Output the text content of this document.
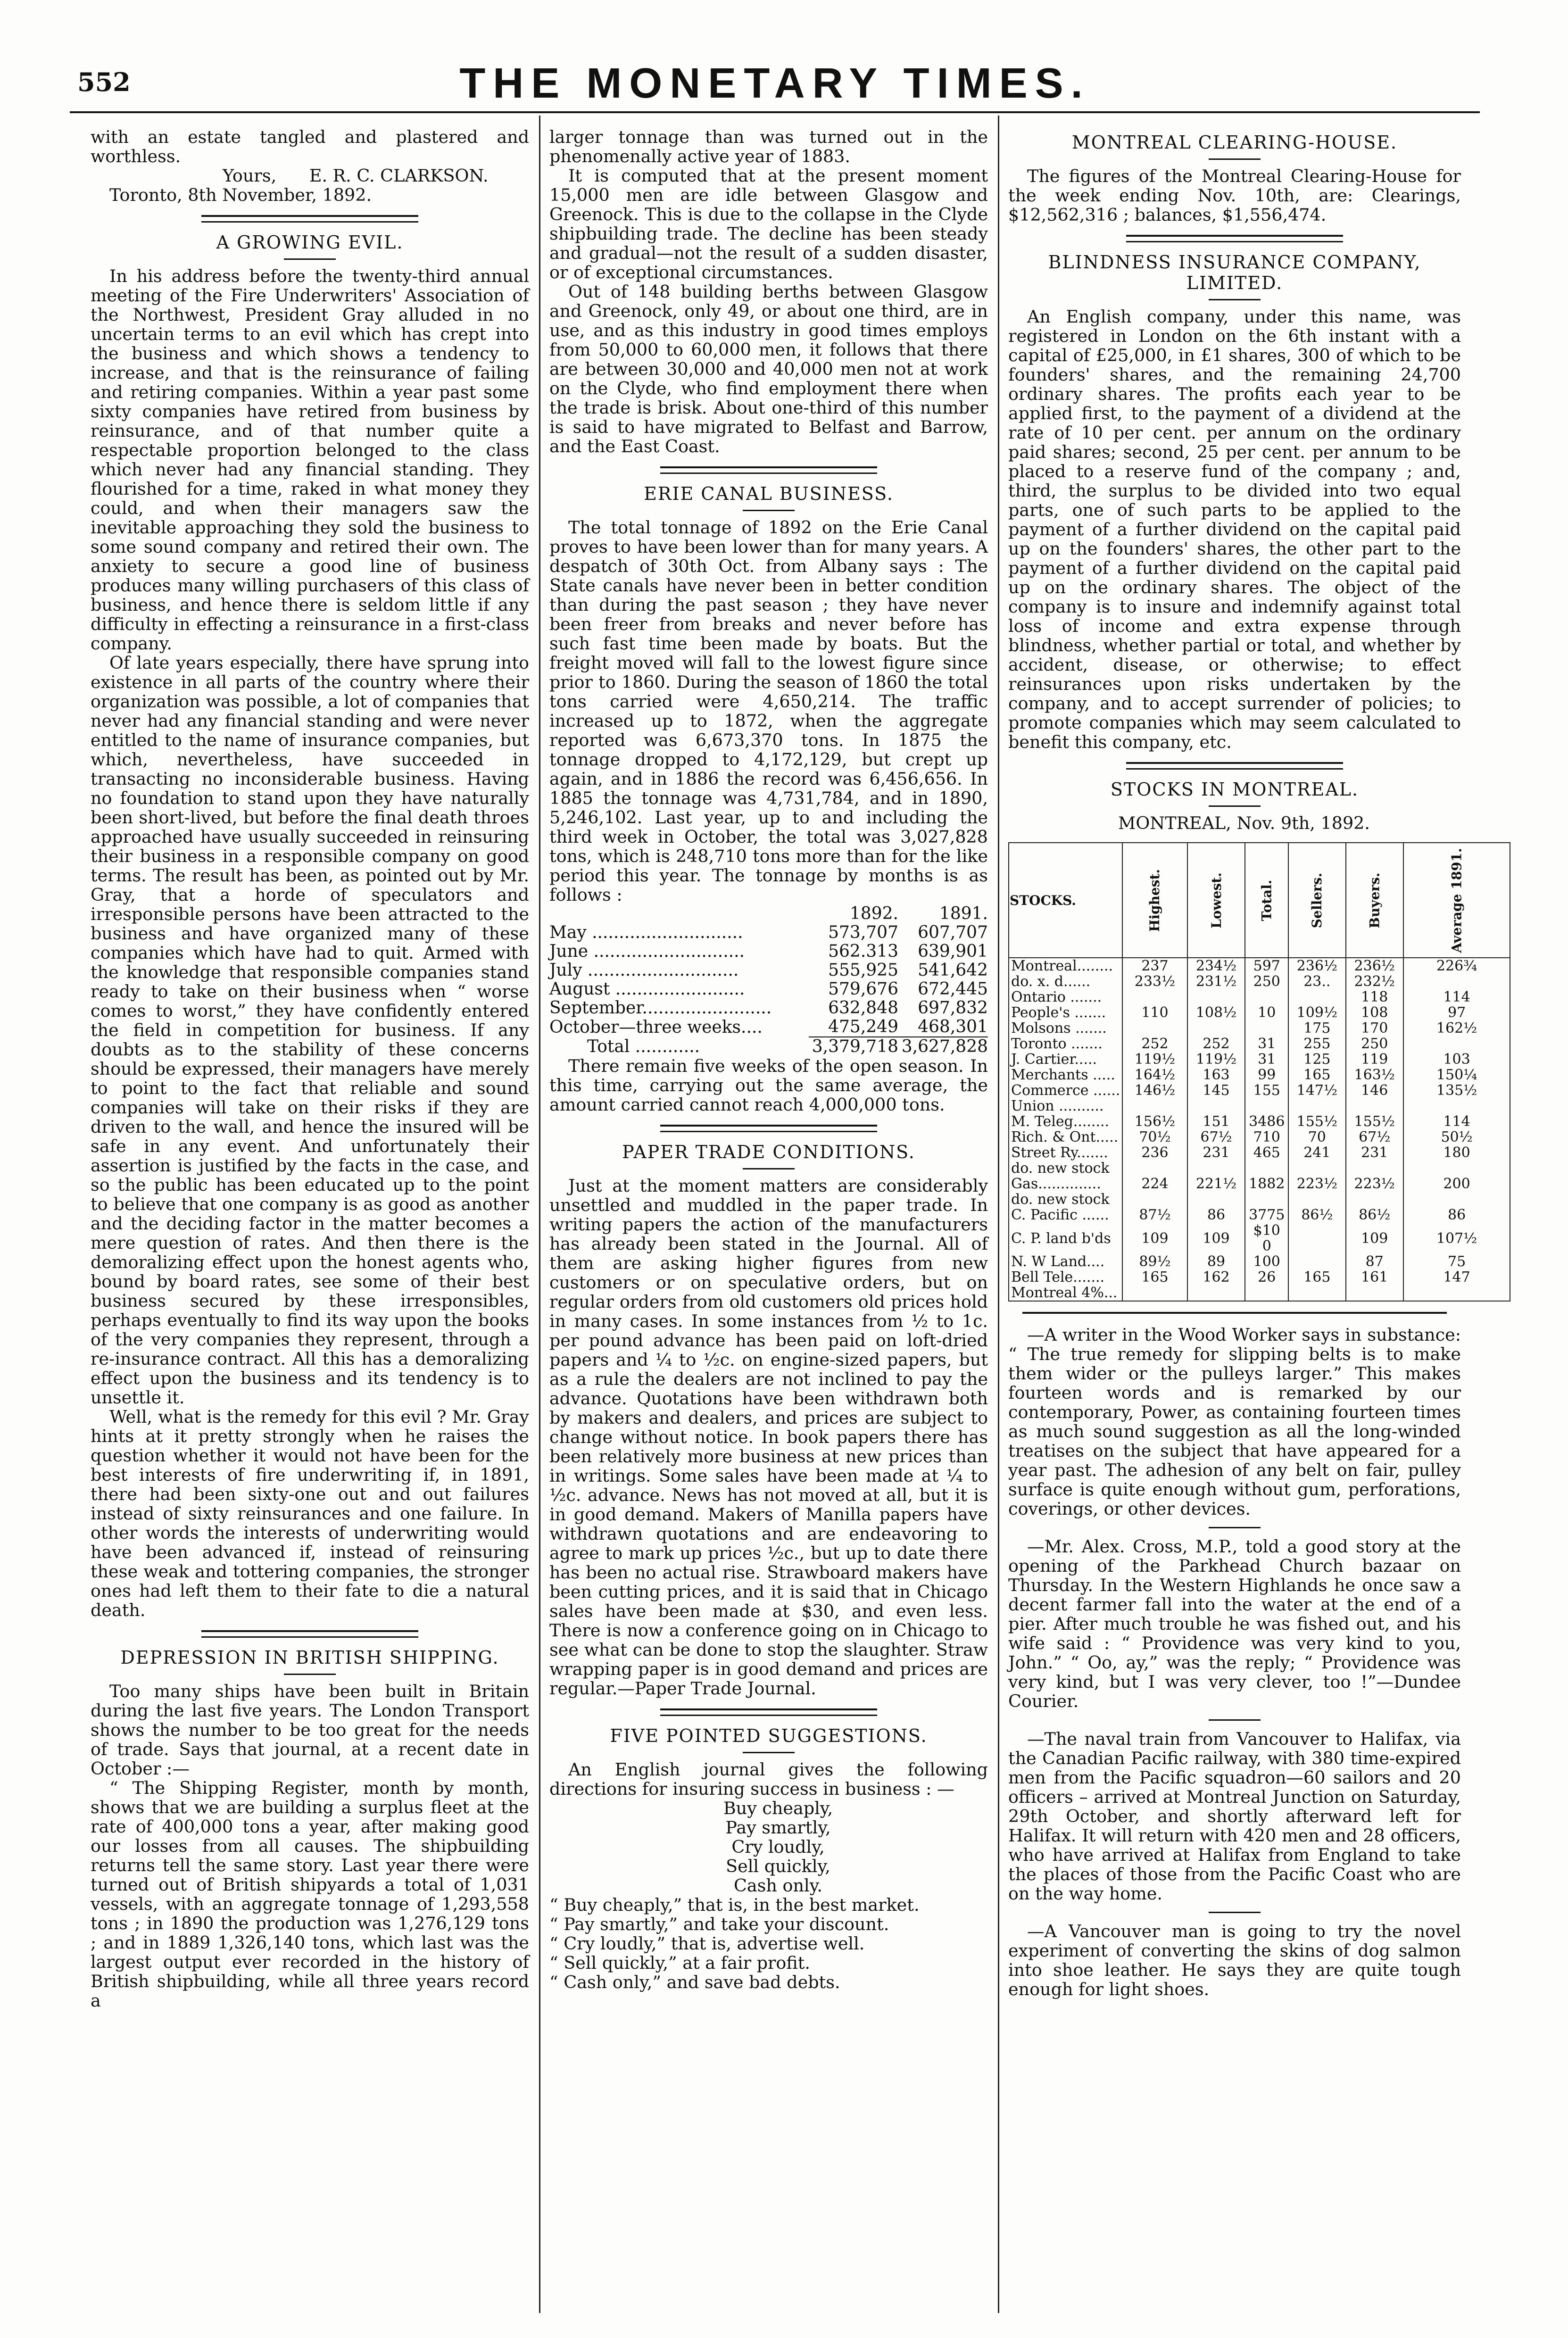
552	THE MONETARY TIMES.

with an estate tangled and plastered and worthless.

Yours, E. R. C. CLARKSON.

Toronto, 8th November, 1892.

A GROWING EVIL.

In his address before the twenty-third annual meeting of the Fire Underwriters' Association of the Northwest, President Gray alluded in no uncertain terms to an evil which has crept into the business and which shows a tendency to increase, and that is the reinsurance of failing and retiring companies. Within a year past some sixty companies have retired from business by reinsurance, and of that number quite a respectable proportion belonged to the class which never had any financial standing. They flourished for a time, raked in what money they could, and when their managers saw the inevitable approaching they sold the business to some sound company and retired their own. The anxiety to secure a good line of business produces many willing purchasers of this class of business, and hence there is seldom little if any difficulty in effecting a reinsurance in a first-class company.

Of late years especially, there have sprung into existence in all parts of the country where their organization was possible, a lot of companies that never had any financial standing and were never entitled to the name of insurance companies, but which, nevertheless, have succeeded in transacting no inconsiderable business. Having no foundation to stand upon they have naturally been short-lived, but before the final death throes approached have usually succeeded in reinsuring their business in a responsible company on good terms. The result has been, as pointed out by Mr. Gray, that a horde of speculators and irresponsible persons have been attracted to the business and have organized many of these companies which have had to quit. Armed with the knowledge that responsible companies stand ready to take on their business when “ worse comes to worst,” they have confidently entered the field in competition for business. If any doubts as to the stability of these concerns should be expressed, their managers have merely to point to the fact that reliable and sound companies will take on their risks if they are driven to the wall, and hence the insured will be safe in any event. And unfortunately their assertion is justified by the facts in the case, and so the public has been educated up to the point to believe that one company is as good as another and the deciding factor in the matter becomes a mere question of rates. And then there is the demoralizing effect upon the honest agents who, bound by board rates, see some of their best business secured by these irresponsibles, perhaps eventually to find its way upon the books of the very companies they represent, through a re-insurance contract. All this has a demoralizing effect upon the business and its tendency is to unsettle it.

Well, what is the remedy for this evil ? Mr. Gray hints at it pretty strongly when he raises the question whether it would not have been for the best interests of fire underwriting if, in 1891, there had been sixty-one out and out failures instead of sixty reinsurances and one failure. In other words the interests of underwriting would have been advanced if, instead of reinsuring these weak and tottering companies, the stronger ones had left them to their fate to die a natural death.

DEPRESSION IN BRITISH SHIPPING.

Too many ships have been built in Britain during the last five years. The London Transport shows the number to be too great for the needs of trade. Says that journal, at a recent date in October :—

“ The Shipping Register, month by month, shows that we are building a surplus fleet at the rate of 400,000 tons a year, after making good our losses from all causes. The shipbuilding returns tell the same story. Last year there were turned out of British shipyards a total of 1,031 vessels, with an aggregate tonnage of 1,293,558 tons ; in 1890 the production was 1,276,129 tons ; and in 1889 1,326,140 tons, which last was the largest output ever recorded in the history of British shipbuilding, while all three years record a

larger tonnage than was turned out in the phenomenally active year of 1883.

It is computed that at the present moment 15,000 men are idle between Glasgow and Greenock. This is due to the collapse in the Clyde shipbuilding trade. The decline has been steady and gradual—not the result of a sudden disaster, or of exceptional circumstances.

Out of 148 building berths between Glasgow and Greenock, only 49, or about one third, are in use, and as this industry in good times employs from 50,000 to 60,000 men, it follows that there are between 30,000 and 40,000 men not at work on the Clyde, who find employment there when the trade is brisk. About one-third of this number is said to have migrated to Belfast and Barrow, and the East Coast.

ERIE CANAL BUSINESS.

The total tonnage of 1892 on the Erie Canal proves to have been lower than for many years. A despatch of 30th Oct. from Albany says : The State canals have never been in better condition than during the past season ; they have never been freer from breaks and never before has such fast time been made by boats. But the freight moved will fall to the lowest figure since prior to 1860. During the season of 1860 the total tons carried were 4,650,214. The traffic increased up to 1872, when the aggregate reported was 6,673,370 tons. In 1875 the tonnage dropped to 4,172,129, but crept up again, and in 1886 the record was 6,456,656. In 1885 the tonnage was 4,731,784, and in 1890, 5,246,102. Last year, up to and including the third week in October, the total was 3,027,828 tons, which is 248,710 tons more than for the like period this year. The tonnage by months is as follows :

	1892.	1891.
May ............................	573,707	607,707
June ............................	562.313	639,901
July ............................	555,925	541,642
August ........................	579,676	672,445
September........................	632,848	697,832
October—three weeks....	475,249	468,301
Total ............	3,379,718	3,627,828

There remain five weeks of the open season. In this time, carrying out the same average, the amount carried cannot reach 4,000,000 tons.

PAPER TRADE CONDITIONS.

Just at the moment matters are considerably unsettled and muddled in the paper trade. In writing papers the action of the manufacturers has already been stated in the Journal. All of them are asking higher figures from new customers or on speculative orders, but on regular orders from old customers old prices hold in many cases. In some instances from ½ to 1c. per pound advance has been paid on loft-dried papers and ¼ to ½c. on engine-sized papers, but as a rule the dealers are not inclined to pay the advance. Quotations have been withdrawn both by makers and dealers, and prices are subject to change without notice. In book papers there has been relatively more business at new prices than in writings. Some sales have been made at ¼ to ½c. advance. News has not moved at all, but it is in good demand. Makers of Manilla papers have withdrawn quotations and are endeavoring to agree to mark up prices ½c., but up to date there has been no actual rise. Strawboard makers have been cutting prices, and it is said that in Chicago sales have been made at $30, and even less. There is now a conference going on in Chicago to see what can be done to stop the slaughter. Straw wrapping paper is in good demand and prices are regular.—Paper Trade Journal.

FIVE POINTED SUGGESTIONS.

An English journal gives the following directions for insuring success in business : —

Buy cheaply,

Pay smartly,

Cry loudly,

Sell quickly,

Cash only.

“ Buy cheaply,” that is, in the best market.

“ Pay smartly,” and take your discount.

“ Cry loudly,” that is, advertise well.

“ Sell quickly,” at a fair profit.

“ Cash only,” and save bad debts.

MONTREAL CLEARING-HOUSE.

The figures of the Montreal Clearing-House for the week ending Nov. 10th, are: Clearings, $12,562,316 ; balances, $1,556,474.

BLINDNESS INSURANCE COMPANY, LIMITED.

An English company, under this name, was registered in London on the 6th instant with a capital of £25,000, in £1 shares, 300 of which to be founders' shares, and the remaining 24,700 ordinary shares. The profits each year to be applied first, to the payment of a dividend at the rate of 10 per cent. per annum on the ordinary paid shares; second, 25 per cent. per annum to be placed to a reserve fund of the company ; and, third, the surplus to be divided into two equal parts, one of such parts to be applied to the payment of a further dividend on the capital paid up on the founders' shares, the other part to the payment of a further dividend on the capital paid up on the ordinary shares. The object of the company is to insure and indemnify against total loss of income and extra expense through blindness, whether partial or total, and whether by accident, disease, or otherwise; to effect reinsurances upon risks undertaken by the company, and to accept surrender of policies; to promote companies which may seem calculated to benefit this company, etc.

STOCKS IN MONTREAL.

MONTREAL, Nov. 9th, 1892.

STOCKS.	Highest.	Lowest.	Total.	Sellers.	Buyers.	Average 1891.
Montreal........	237	234½	597	236½	236½	226¾
do. x. d......	233½	231½	250	23..	232½	
Ontario .......					118	114
People's .......	110	108½	10	109½	108	97
Molsons .......				175	170	162½
Toronto .......	252	252	31	255	250	
J. Cartier.....	119½	119½	31	125	119	103
Merchants .....	164½	163	99	165	163½	150¼
Commerce ......	146½	145	155	147½	146	135½
Union ..........						
M. Teleg........	156½	151	3486	155½	155½	114
Rich. & Ont.....	70½	67½	710	70	67½	50½
Street Ry.......	236	231	465	241	231	180
do. new stock						
Gas..............	224	221½	1882	223½	223½	200
do. new stock						
C. Pacific ......	87½	86	3775	86½	86½	86
C. P. land b'ds	109	109	$10 0		109	107½
N. W Land....	89½	89	100		87	75
Bell Tele.......	165	162	26	165	161	147
Montreal 4%...						

—A writer in the Wood Worker says in substance: “ The true remedy for slipping belts is to make them wider or the pulleys larger.” This makes fourteen words and is remarked by our contemporary, Power, as containing fourteen times as much sound suggestion as all the long-winded treatises on the subject that have appeared for a year past. The adhesion of any belt on fair, pulley surface is quite enough without gum, perforations, coverings, or other devices.

—Mr. Alex. Cross, M.P., told a good story at the opening of the Parkhead Church bazaar on Thursday. In the Western Highlands he once saw a decent farmer fall into the water at the end of a pier. After much trouble he was fished out, and his wife said : “ Providence was very kind to you, John.” “ Oo, ay,” was the reply; “ Providence was very kind, but I was very clever, too !”—Dundee Courier.

—The naval train from Vancouver to Halifax, via the Canadian Pacific railway, with 380 time-expired men from the Pacific squadron—60 sailors and 20 officers – arrived at Montreal Junction on Saturday, 29th October, and shortly afterward left for Halifax. It will return with 420 men and 28 officers, who have arrived at Halifax from England to take the places of those from the Pacific Coast who are on the way home.

—A Vancouver man is going to try the novel experiment of converting the skins of dog salmon into shoe leather. He says they are quite tough enough for light shoes.
